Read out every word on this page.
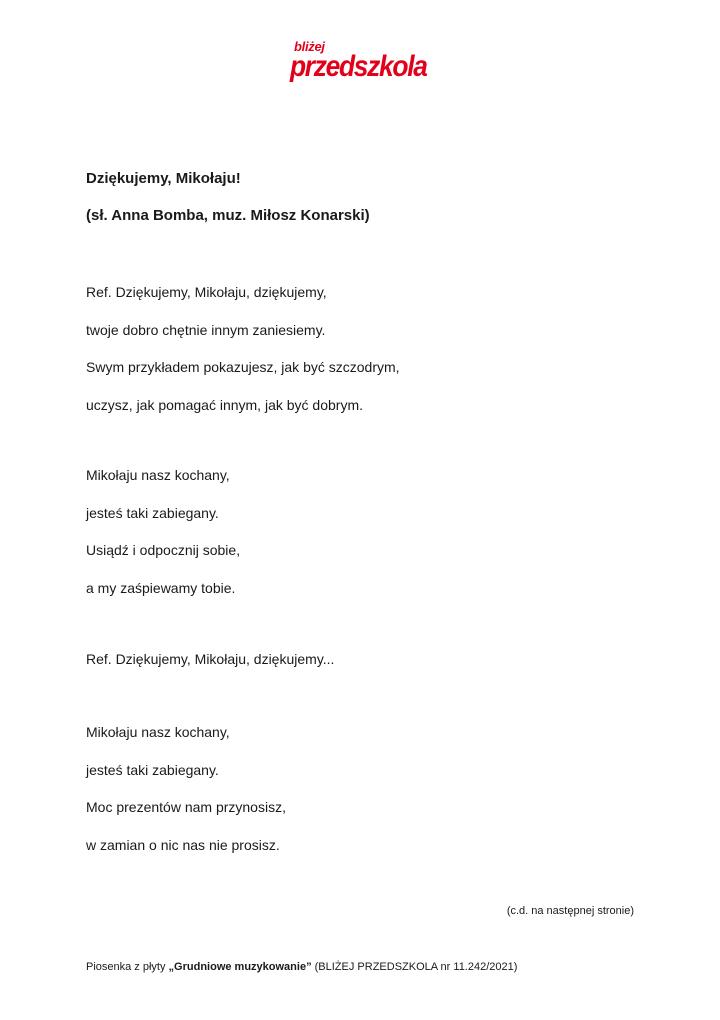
bliżej
przedszkola
Dziękujemy, Mikołaju!
(sł. Anna Bomba, muz. Miłosz Konarski)
Ref. Dziękujemy, Mikołaju, dziękujemy,
twoje dobro chętnie innym zaniesiemy.
Swym przykładem pokazujesz, jak być szczodrym,
uczysz, jak pomagać innym, jak być dobrym.
Mikołaju nasz kochany,
jesteś taki zabiegany.
Usiądź i odpocznij sobie,
a my zaśpiewamy tobie.
Ref. Dziękujemy, Mikołaju, dziękujemy...
Mikołaju nasz kochany,
jesteś taki zabiegany.
Moc prezentów nam przynosisz,
w zamian o nic nas nie prosisz.
(c.d. na następnej stronie)
Piosenka z płyty „Grudniowe muzykowanie” (BLIŻEJ PRZEDSZKOLA nr 11.242/2021)
